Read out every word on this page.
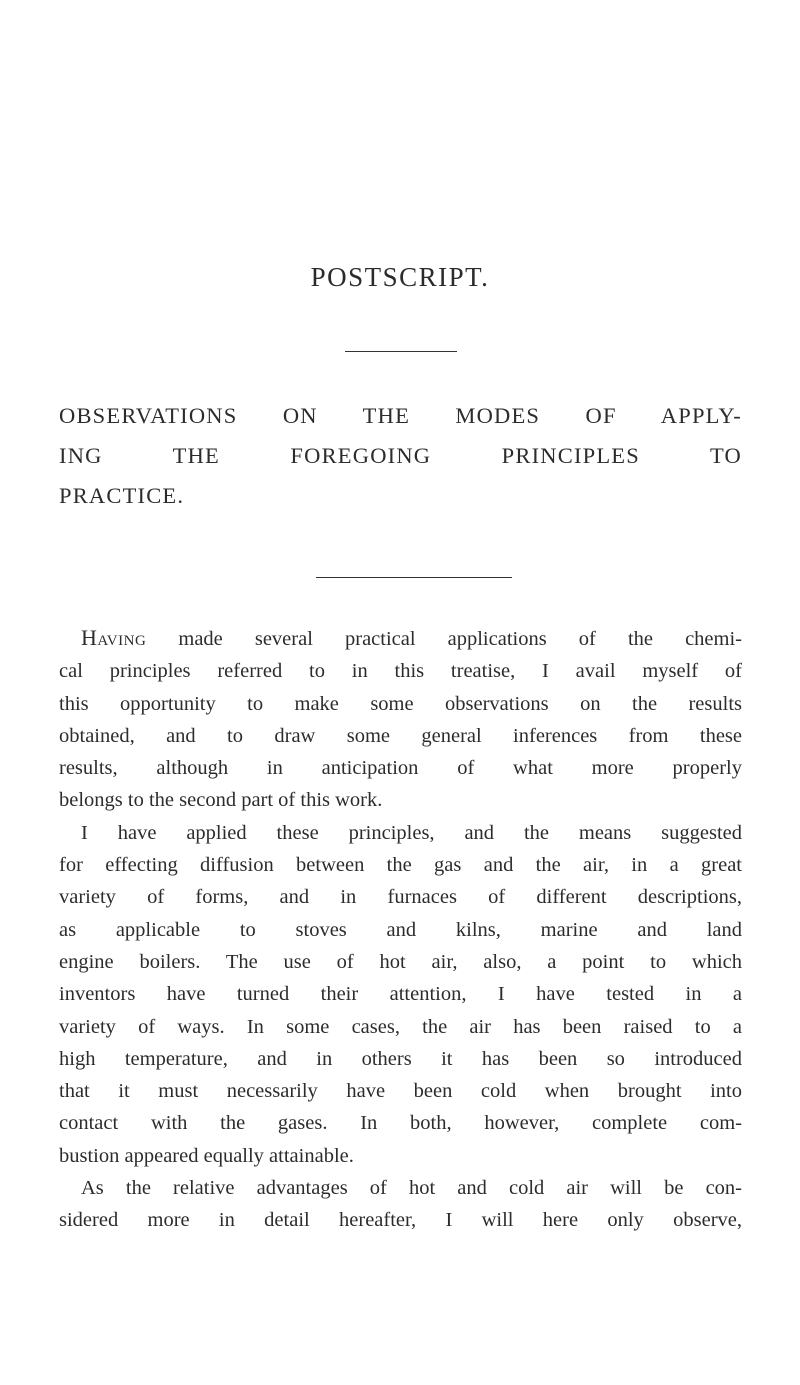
POSTSCRIPT.
OBSERVATIONS ON THE MODES OF APPLY-
ING THE FOREGOING PRINCIPLES TO
PRACTICE.
Having made several practical applications of the chemi-
cal principles referred to in this treatise, I avail myself of
this opportunity to make some observations on the results
obtained, and to draw some general inferences from these
results, although in anticipation of what more properly
belongs to the second part of this work.
I have applied these principles, and the means suggested
for effecting diffusion between the gas and the air, in a great
variety of forms, and in furnaces of different descriptions,
as applicable to stoves and kilns, marine and land
engine boilers. The use of hot air, also, a point to which
inventors have turned their attention, I have tested in a
variety of ways. In some cases, the air has been raised to a
high temperature, and in others it has been so introduced
that it must necessarily have been cold when brought into
contact with the gases. In both, however, complete com-
bustion appeared equally attainable.
As the relative advantages of hot and cold air will be con-
sidered more in detail hereafter, I will here only observe,
